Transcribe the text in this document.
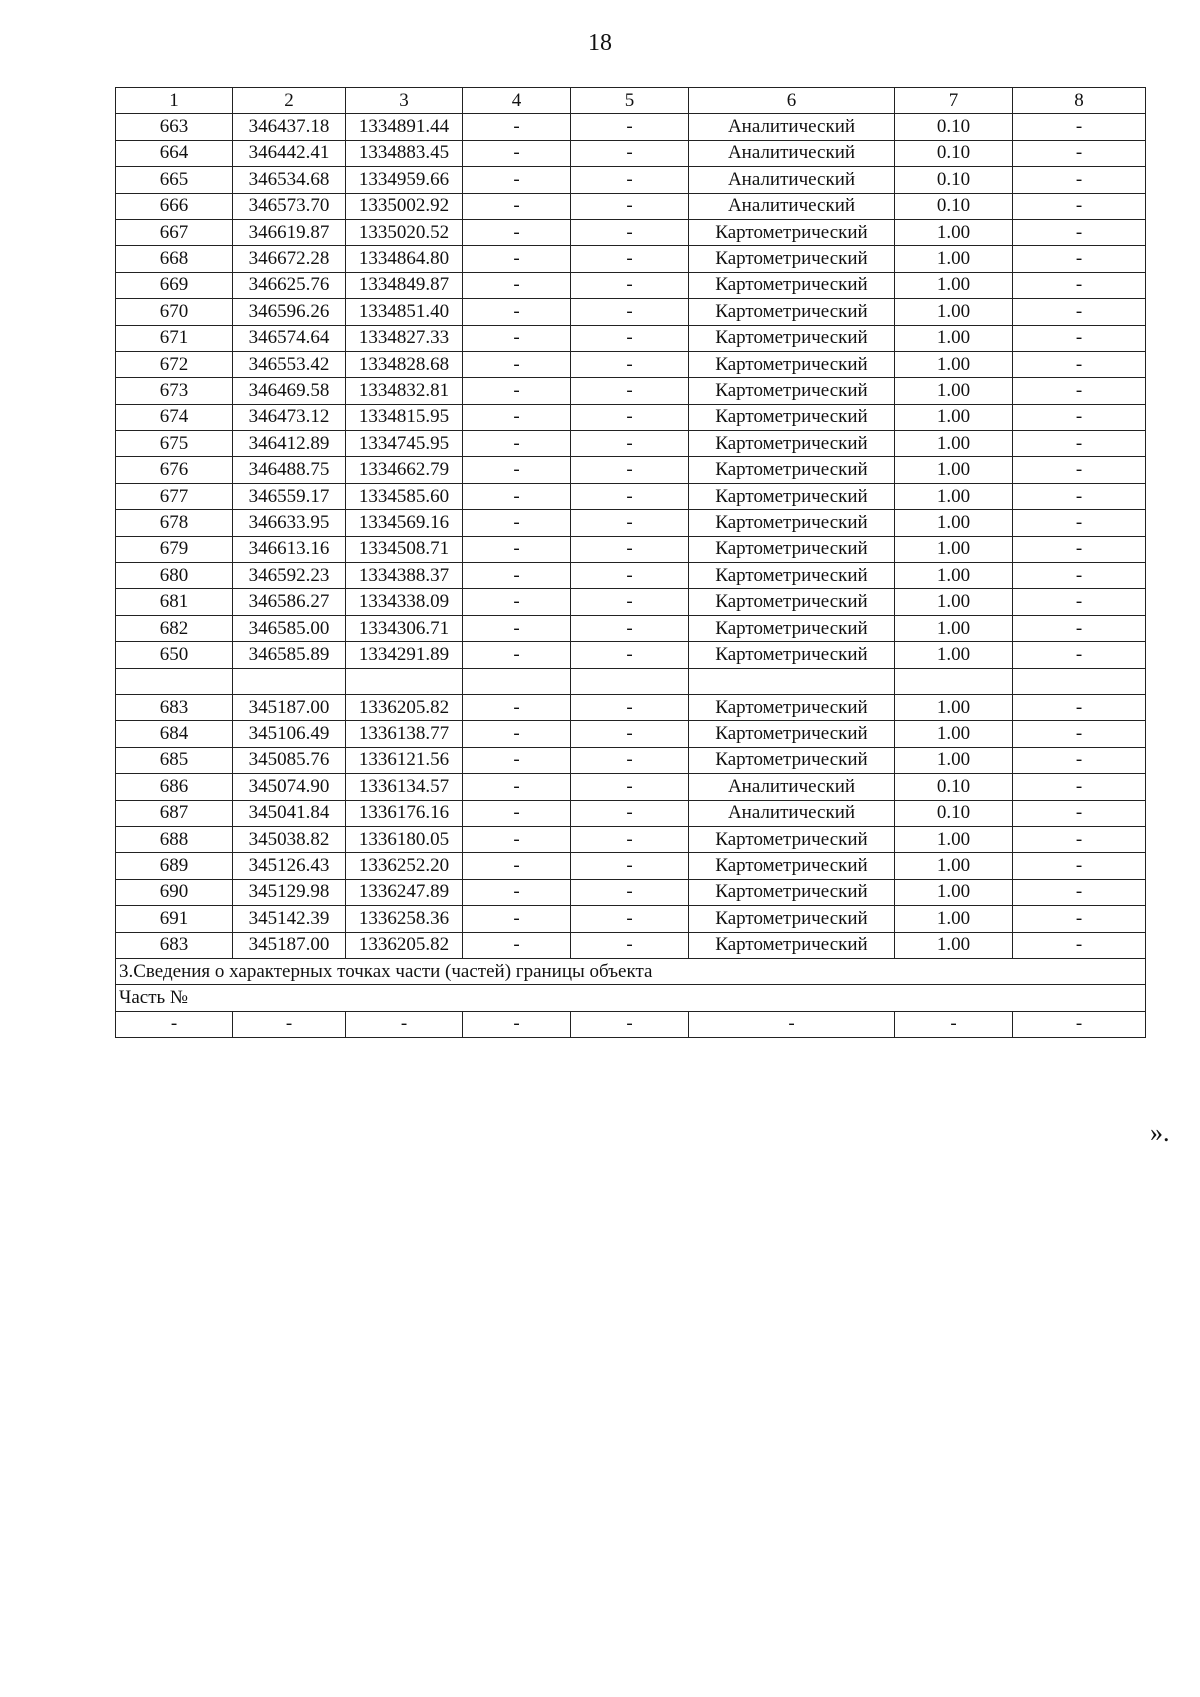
18
1	2	3	4	5	6	7	8
663	346437.18	1334891.44	-	-	Аналитический	0.10	-
664	346442.41	1334883.45	-	-	Аналитический	0.10	-
665	346534.68	1334959.66	-	-	Аналитический	0.10	-
666	346573.70	1335002.92	-	-	Аналитический	0.10	-
667	346619.87	1335020.52	-	-	Картометрический	1.00	-
668	346672.28	1334864.80	-	-	Картометрический	1.00	-
669	346625.76	1334849.87	-	-	Картометрический	1.00	-
670	346596.26	1334851.40	-	-	Картометрический	1.00	-
671	346574.64	1334827.33	-	-	Картометрический	1.00	-
672	346553.42	1334828.68	-	-	Картометрический	1.00	-
673	346469.58	1334832.81	-	-	Картометрический	1.00	-
674	346473.12	1334815.95	-	-	Картометрический	1.00	-
675	346412.89	1334745.95	-	-	Картометрический	1.00	-
676	346488.75	1334662.79	-	-	Картометрический	1.00	-
677	346559.17	1334585.60	-	-	Картометрический	1.00	-
678	346633.95	1334569.16	-	-	Картометрический	1.00	-
679	346613.16	1334508.71	-	-	Картометрический	1.00	-
680	346592.23	1334388.37	-	-	Картометрический	1.00	-
681	346586.27	1334338.09	-	-	Картометрический	1.00	-
682	346585.00	1334306.71	-	-	Картометрический	1.00	-
650	346585.89	1334291.89	-	-	Картометрический	1.00	-

683	345187.00	1336205.82	-	-	Картометрический	1.00	-
684	345106.49	1336138.77	-	-	Картометрический	1.00	-
685	345085.76	1336121.56	-	-	Картометрический	1.00	-
686	345074.90	1336134.57	-	-	Аналитический	0.10	-
687	345041.84	1336176.16	-	-	Аналитический	0.10	-
688	345038.82	1336180.05	-	-	Картометрический	1.00	-
689	345126.43	1336252.20	-	-	Картометрический	1.00	-
690	345129.98	1336247.89	-	-	Картометрический	1.00	-
691	345142.39	1336258.36	-	-	Картометрический	1.00	-
683	345187.00	1336205.82	-	-	Картометрический	1.00	-
3.Сведения о характерных точках части (частей) границы объекта							
Часть №							
-	-	-	-	-	-	-	-
».
